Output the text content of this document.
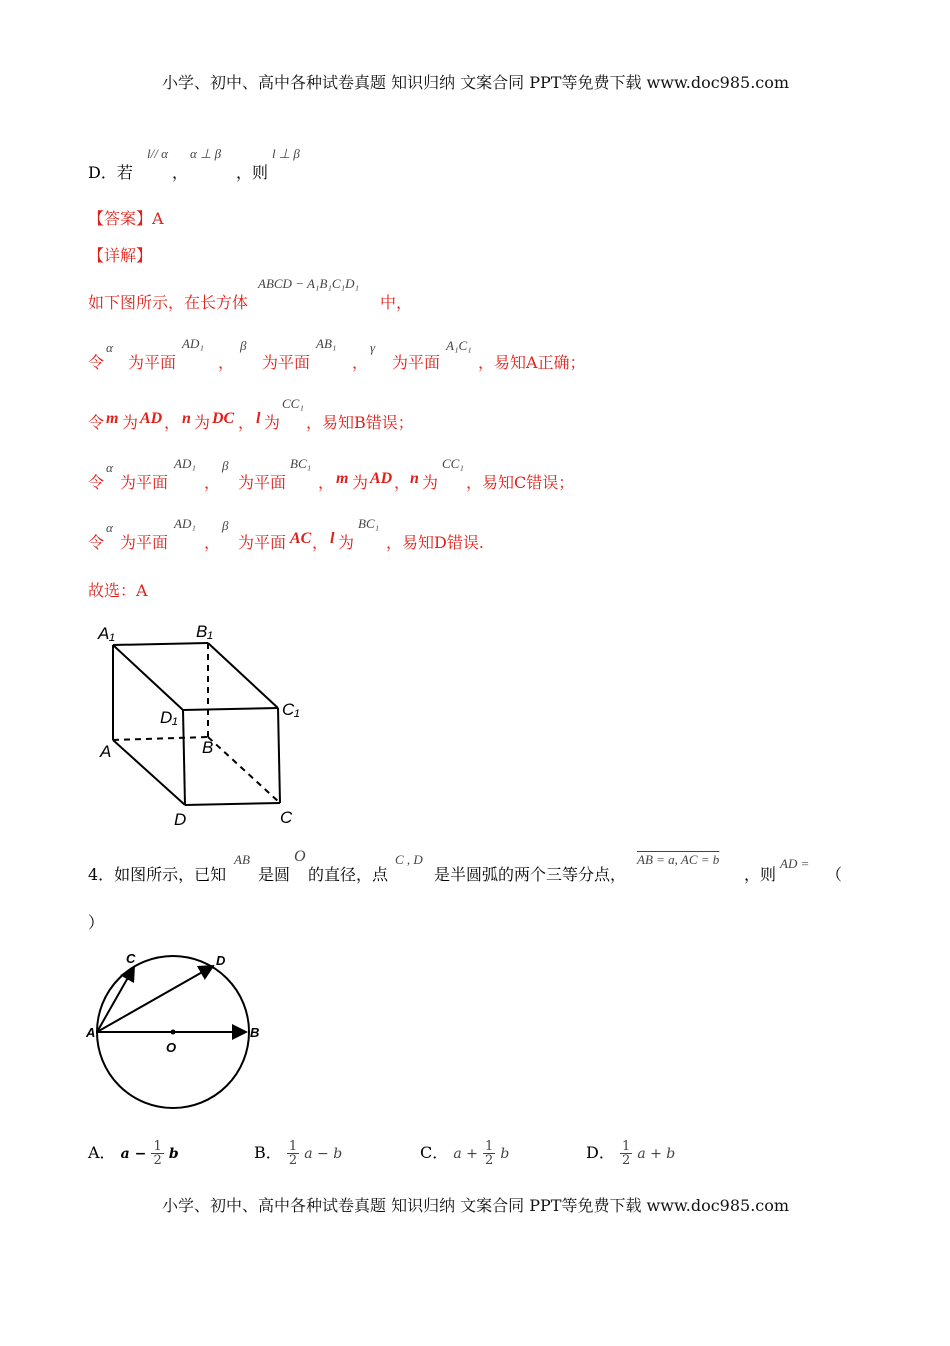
小学、初中、高中各种试卷真题 知识归纳 文案合同 PPT等免费下载 www.doc985.com
D．若
l// α
，
α ⊥ β
，则
l ⊥ β
【答案】A
【详解】
如下图所示，在长方体
ABCD − A₁B₁C₁D₁
中，
令
α
为平面
AD₁
，
β
为平面
AB₁
，
γ
为平面
A₁C₁
，易知A正确；
令 m 为 AD ， n 为 DC ， l 为
CC₁
，易知B错误；
令
α
为平面
AD₁
，
β
为平面
BC₁
， m 为 AD ， n 为
CC₁
，易知C错误；
令
α
为平面
AD₁
，
β
为平面 AC ， l 为
BC₁
，易知D错误.
故选：A
A₁	B₁
C₁
D₁
A	B
C
D
4．如图所示，已知
AB
是圆
O
的直径，点
C , D
是半圆弧的两个三等分点，
AB = a, AC = b
，则
AD =
（
）
A	B
C	D
O
A． $a - \frac{1}{2}$ b	B． $\frac{1}{2}$ a − b	C． $a + \frac{1}{2}$ b	D． $\frac{1}{2}$ a + b
小学、初中、高中各种试卷真题 知识归纳 文案合同 PPT等免费下载 www.doc985.com
